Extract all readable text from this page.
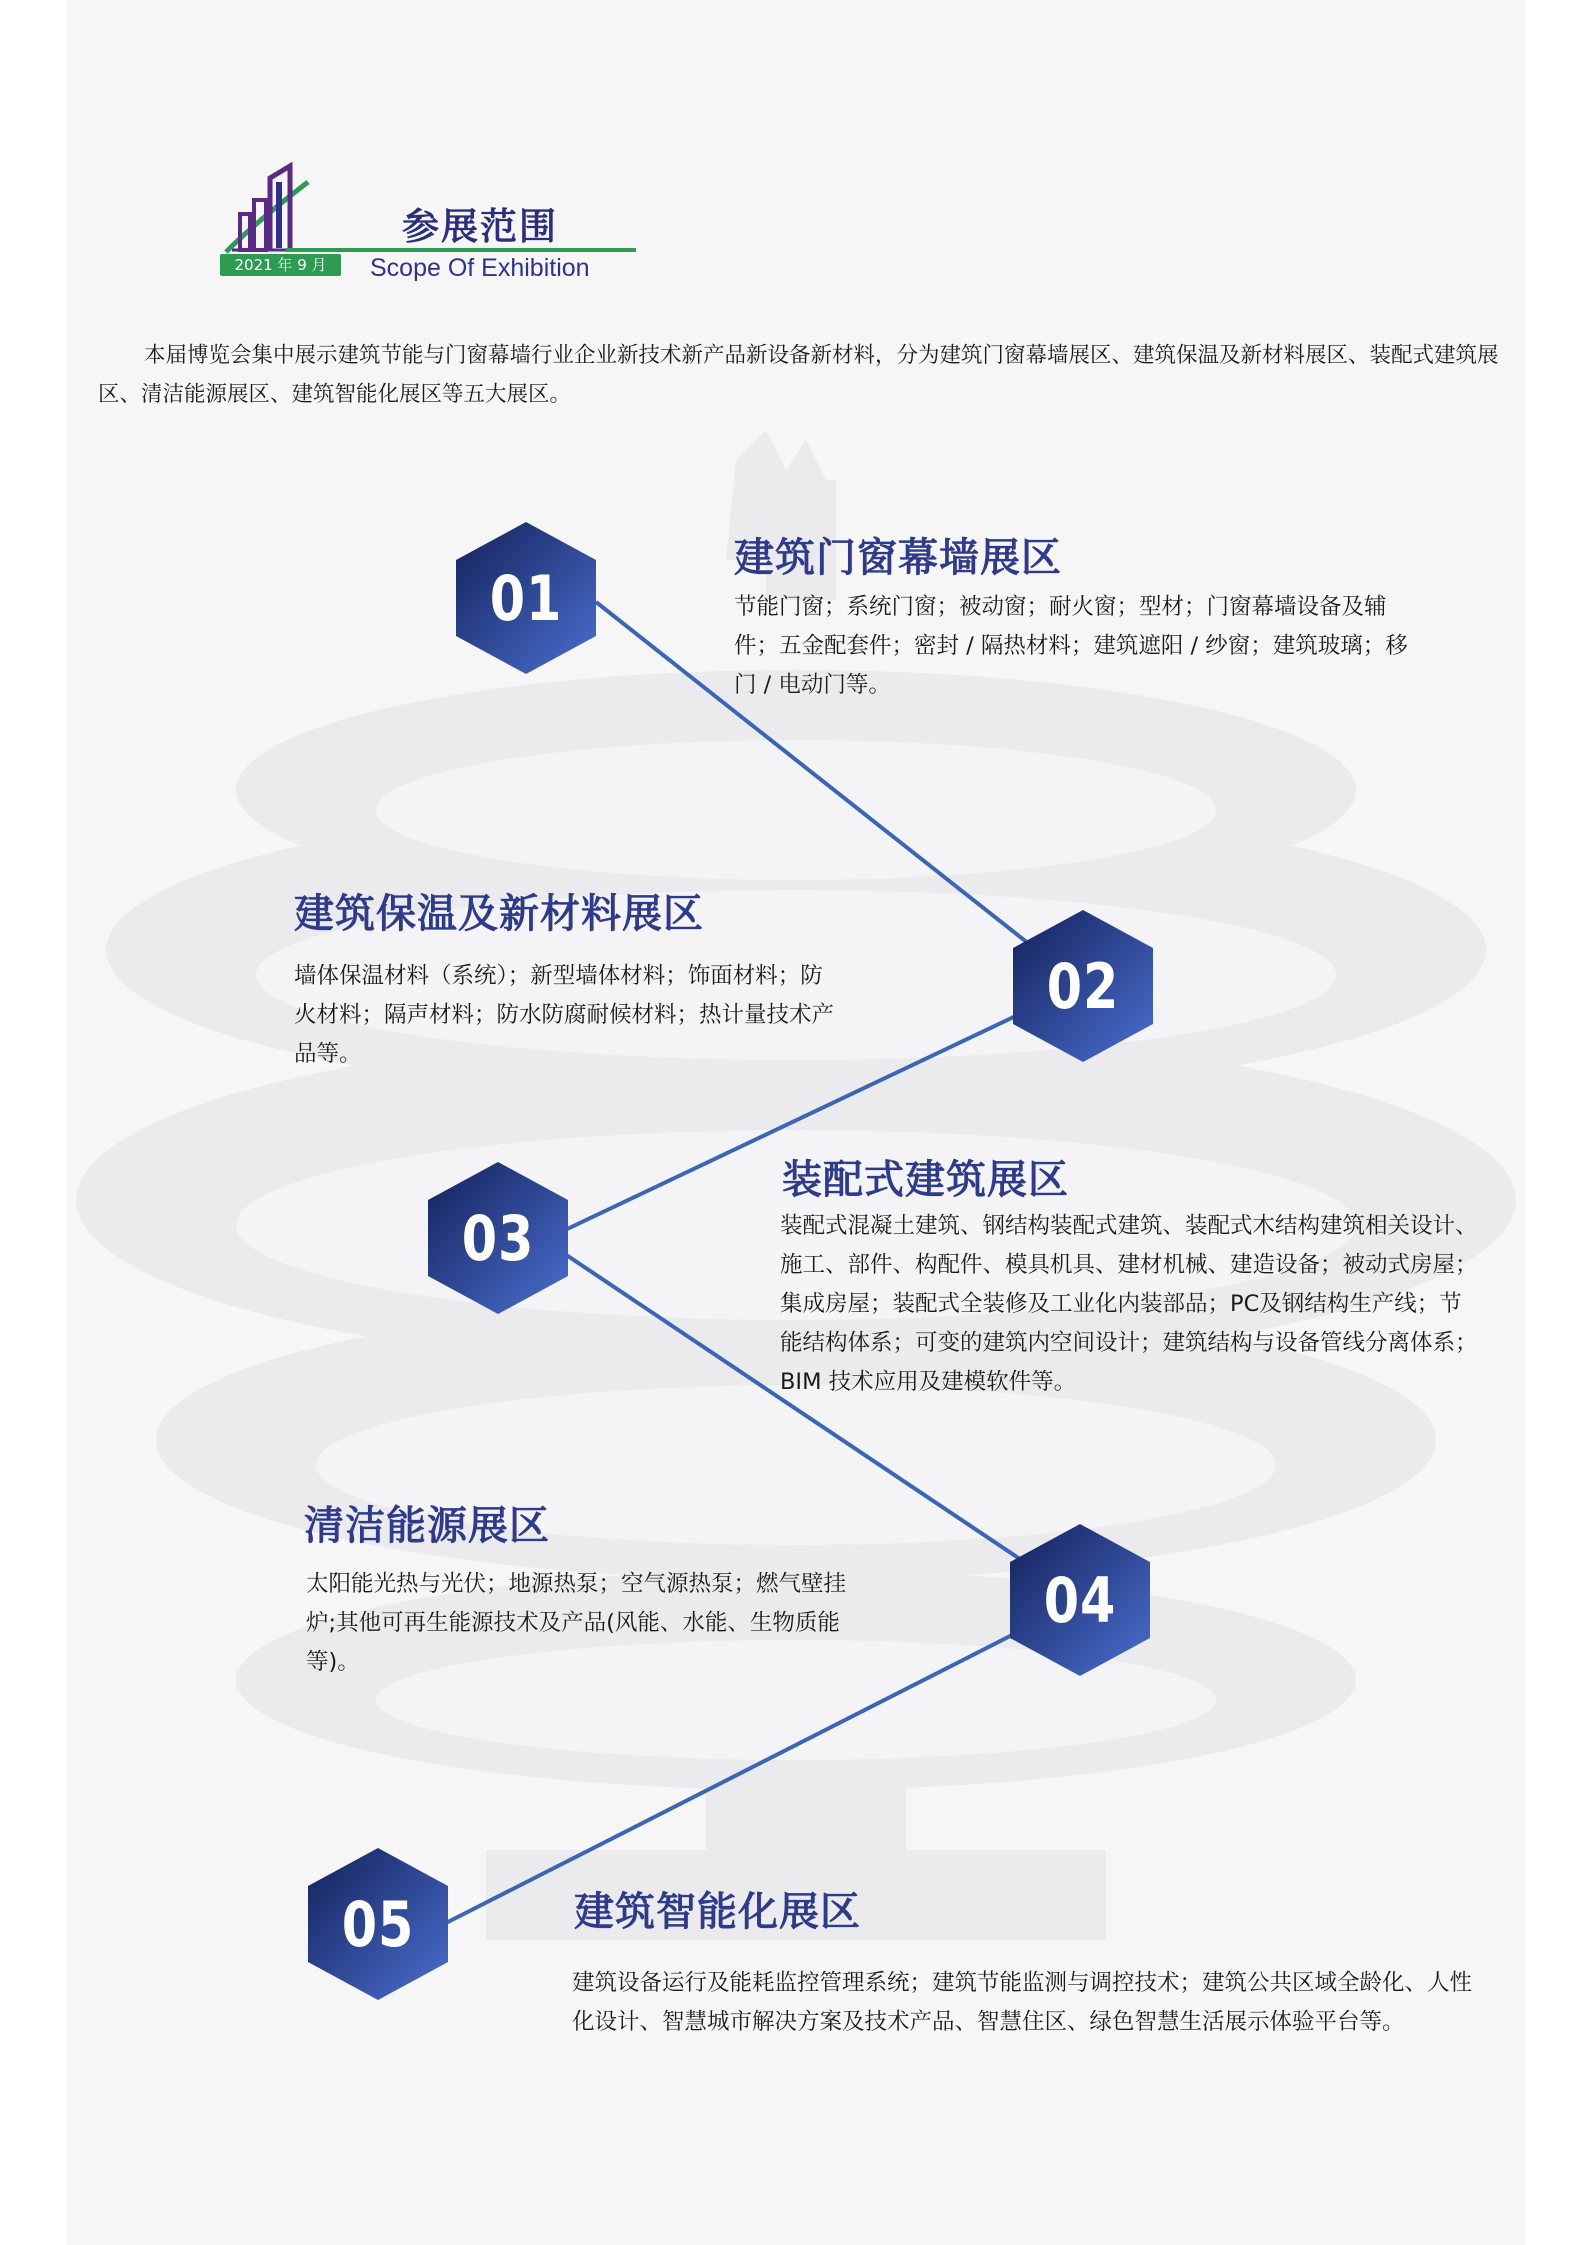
参展范围
2021 年 9 月	Scope Of Exhibition
本届博览会集中展示建筑节能与门窗幕墙行业企业新技术新产品新设备新材料，分为建筑门窗幕墙展区、建筑保温及新材料展区、装配式建筑展区、清洁能源展区、建筑智能化展区等五大展区。
01
建筑门窗幕墙展区
节能门窗；系统门窗；被动窗；耐火窗；型材；门窗幕墙设备及辅件；五金配套件；密封 / 隔热材料；建筑遮阳 / 纱窗；建筑玻璃；移门 / 电动门等。
02
建筑保温及新材料展区
墙体保温材料（系统）；新型墙体材料；饰面材料；防火材料；隔声材料；防水防腐耐候材料；热计量技术产品等。
03
装配式建筑展区
装配式混凝土建筑、钢结构装配式建筑、装配式木结构建筑相关设计、施工、部件、构配件、模具机具、建材机械、建造设备；被动式房屋；集成房屋；装配式全装修及工业化内装部品；PC及钢结构生产线；节能结构体系；可变的建筑内空间设计；建筑结构与设备管线分离体系；BIM 技术应用及建模软件等。
04
清洁能源展区
太阳能光热与光伏；地源热泵；空气源热泵；燃气壁挂炉;其他可再生能源技术及产品(风能、水能、生物质能等)。
05	建筑智能化展区
建筑设备运行及能耗监控管理系统；建筑节能监测与调控技术；建筑公共区域全龄化、人性化设计、智慧城市解决方案及技术产品、智慧住区、绿色智慧生活展示体验平台等。
